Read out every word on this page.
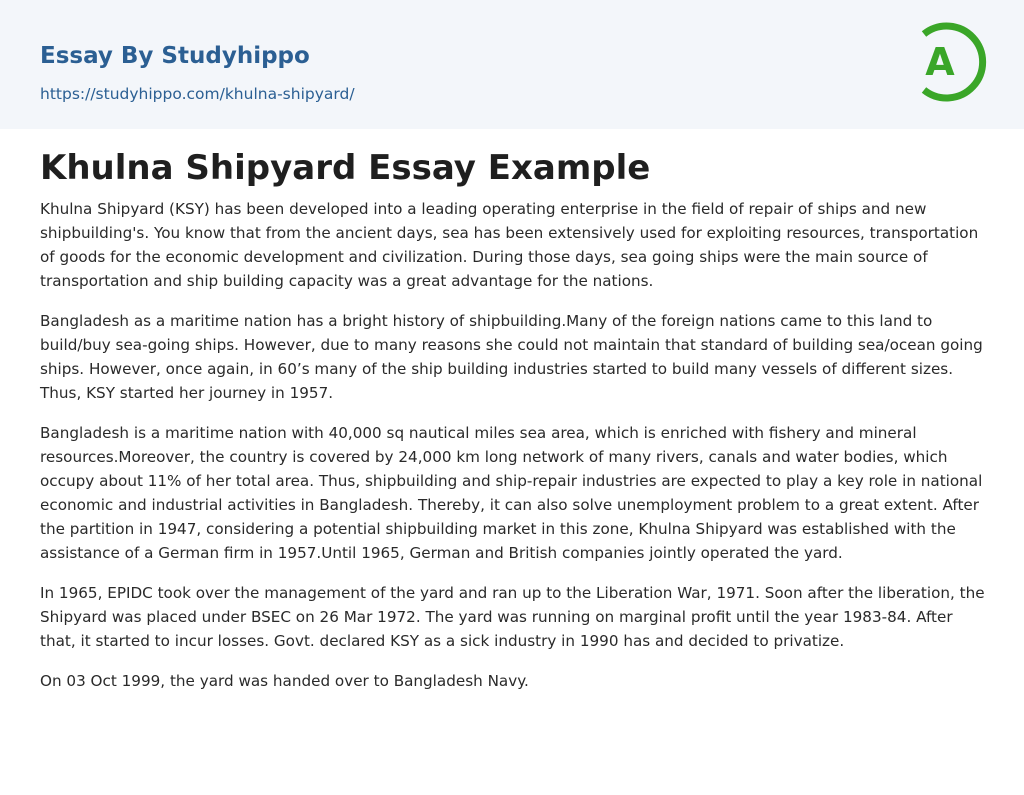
Essay By Studyhippo
https://studyhippo.com/khulna-shipyard/
A
Khulna Shipyard Essay Example

Khulna Shipyard (KSY) has been developed into a leading operating enterprise in the field of repair of ships and new shipbuilding's. You know that from the ancient days, sea has been extensively used for exploiting resources, transportation of goods for the economic development and civilization. During those days, sea going ships were the main source of transportation and ship building capacity was a great advantage for the nations.

Bangladesh as a maritime nation has a bright history of shipbuilding.Many of the foreign nations came to this land to build/buy sea-going ships. However, due to many reasons she could not maintain that standard of building sea/ocean going ships. However, once again, in 60’s many of the ship building industries started to build many vessels of different sizes. Thus, KSY started her journey in 1957.

Bangladesh is a maritime nation with 40,000 sq nautical miles sea area, which is enriched with fishery and mineral resources.Moreover, the country is covered by 24,000 km long network of many rivers, canals and water bodies, which occupy about 11% of her total area. Thus, shipbuilding and ship-repair industries are expected to play a key role in national economic and industrial activities in Bangladesh. Thereby, it can also solve unemployment problem to a great extent. After the partition in 1947, considering a potential shipbuilding market in this zone, Khulna Shipyard was established with the assistance of a German firm in 1957.Until 1965, German and British companies jointly operated the yard.

In 1965, EPIDC took over the management of the yard and ran up to the Liberation War, 1971. Soon after the liberation, the Shipyard was placed under BSEC on 26 Mar 1972. The yard was running on marginal profit until the year 1983-84. After that, it started to incur losses. Govt. declared KSY as a sick industry in 1990 has and decided to privatize.

On 03 Oct 1999, the yard was handed over to Bangladesh Navy.
